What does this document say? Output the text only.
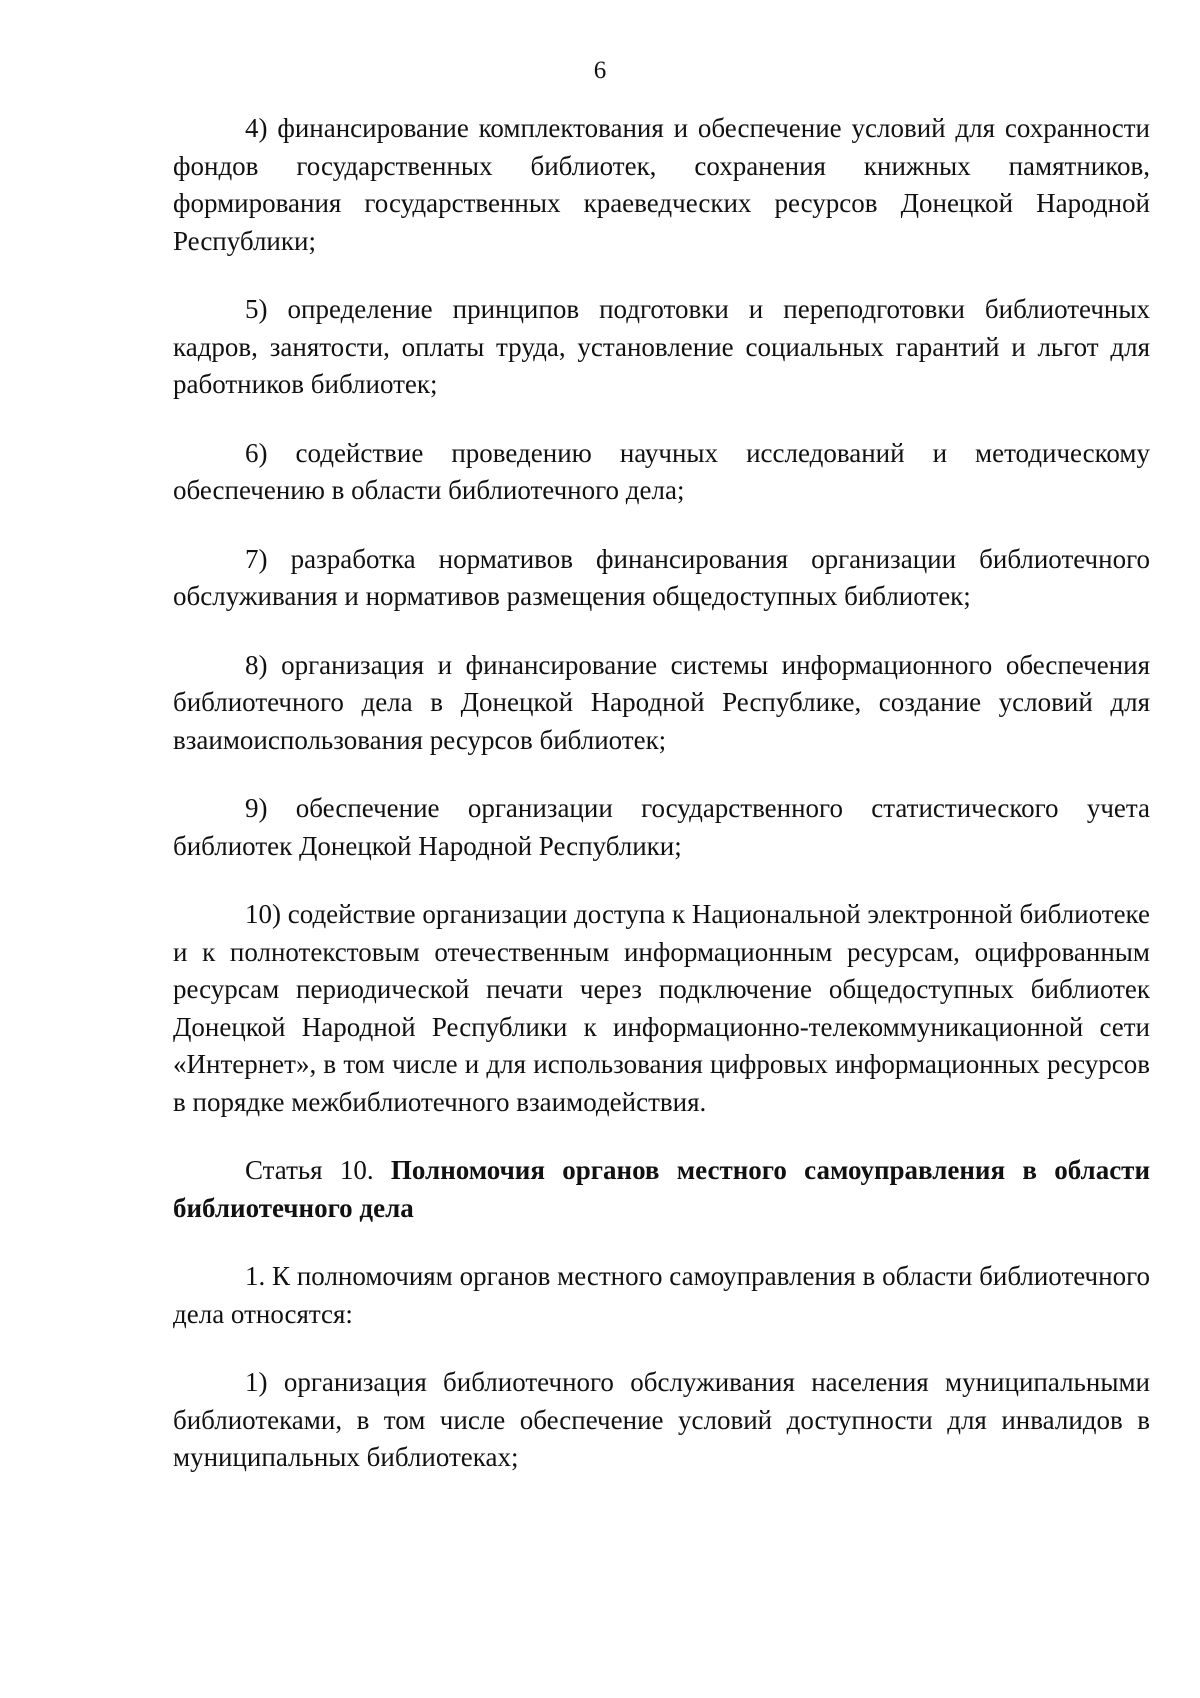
6

4) финансирование комплектования и обеспечение условий для сохранности фондов государственных библиотек, сохранения книжных памятников, формирования государственных краеведческих ресурсов Донецкой Народной Республики;

5) определение принципов подготовки и переподготовки библиотечных кадров, занятости, оплаты труда, установление социальных гарантий и льгот для работников библиотек;

6) содействие проведению научных исследований и методическому обеспечению в области библиотечного дела;

7) разработка нормативов финансирования организации библиотечного обслуживания и нормативов размещения общедоступных библиотек;

8) организация и финансирование системы информационного обеспечения библиотечного дела в Донецкой Народной Республике, создание условий для взаимоиспользования ресурсов библиотек;

9) обеспечение организации государственного статистического учета библиотек Донецкой Народной Республики;

10) содействие организации доступа к Национальной электронной библиотеке и к полнотекстовым отечественным информационным ресурсам, оцифрованным ресурсам периодической печати через подключение общедоступных библиотек Донецкой Народной Республики к информационно-телекоммуникационной сети «Интернет», в том числе и для использования цифровых информационных ресурсов в порядке межбиблиотечного взаимодействия.

Статья 10. Полномочия органов местного самоуправления в области библиотечного дела

1. К полномочиям органов местного самоуправления в области библиотечного дела относятся:

1) организация библиотечного обслуживания населения муниципальными библиотеками, в том числе обеспечение условий доступности для инвалидов в муниципальных библиотеках;
